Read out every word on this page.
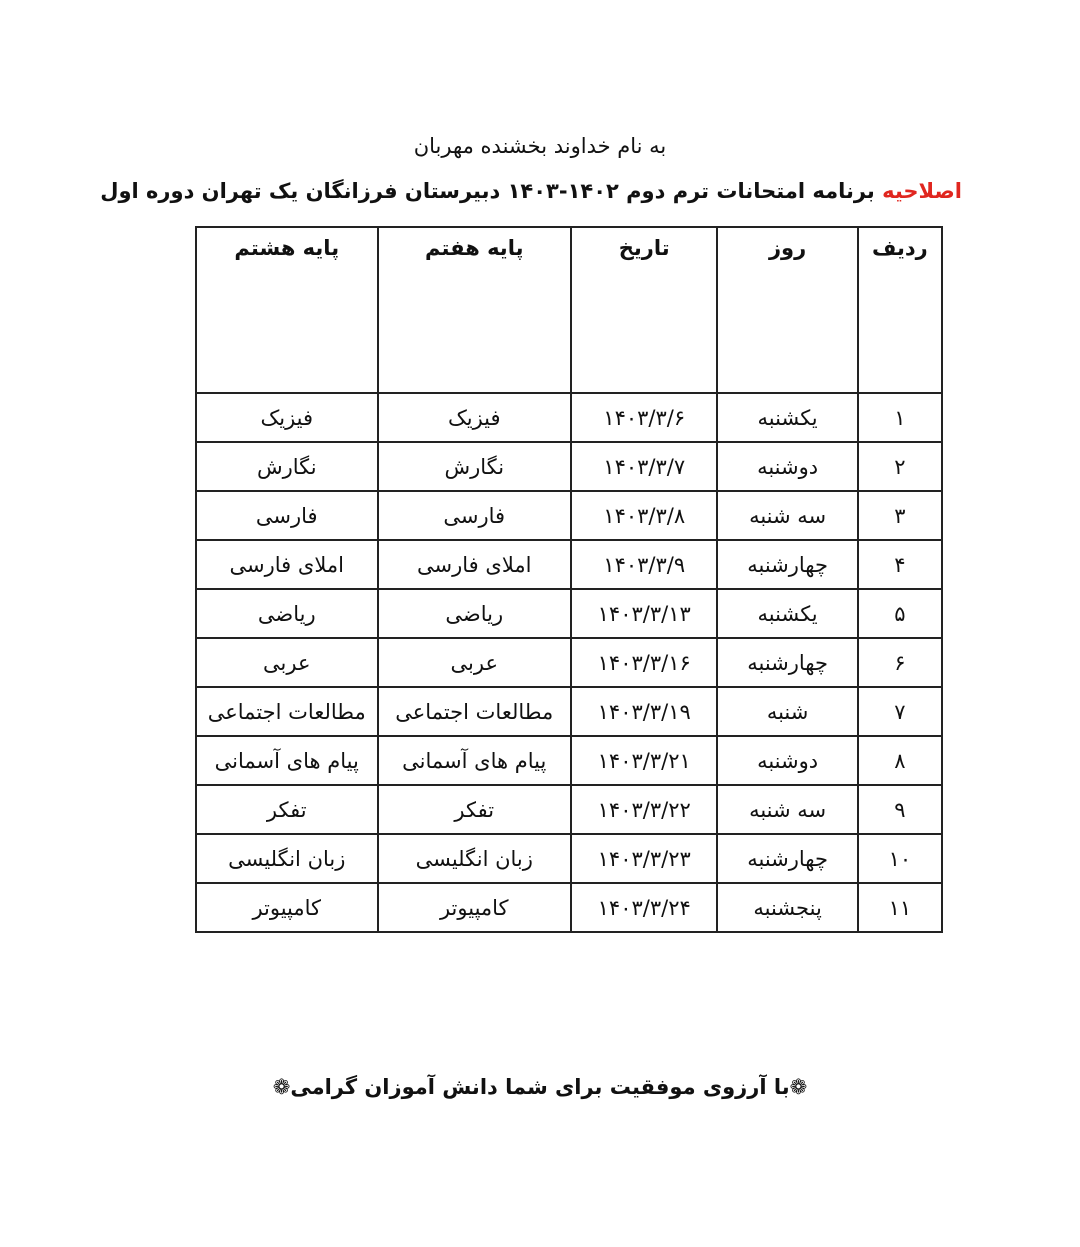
به نام خداوند بخشنده مهربان
اصلاحیه برنامه امتحانات ترم دوم ۱۴۰۲-۱۴۰۳ دبیرستان فرزانگان یک تهران دوره اول
ردیف	روز	تاریخ	پایه هفتم	پایه هشتم
۱	یکشنبه	۱۴۰۳/۳/۶	فیزیک	فیزیک
۲	دوشنبه	۱۴۰۳/۳/۷	نگارش	نگارش
۳	سه شنبه	۱۴۰۳/۳/۸	فارسی	فارسی
۴	چهارشنبه	۱۴۰۳/۳/۹	املای فارسی	املای فارسی
۵	یکشنبه	۱۴۰۳/۳/۱۳	ریاضی	ریاضی
۶	چهارشنبه	۱۴۰۳/۳/۱۶	عربی	عربی
۷	شنبه	۱۴۰۳/۳/۱۹	مطالعات اجتماعی	مطالعات اجتماعی
۸	دوشنبه	۱۴۰۳/۳/۲۱	پیام های آسمانی	پیام های آسمانی
۹	سه شنبه	۱۴۰۳/۳/۲۲	تفکر	تفکر
۱۰	چهارشنبه	۱۴۰۳/۳/۲۳	زبان انگلیسی	زبان انگلیسی
۱۱	پنجشنبه	۱۴۰۳/۳/۲۴	کامپیوتر	کامپیوتر
❁با آرزوی موفقیت برای شما دانش آموزان گرامی❁
